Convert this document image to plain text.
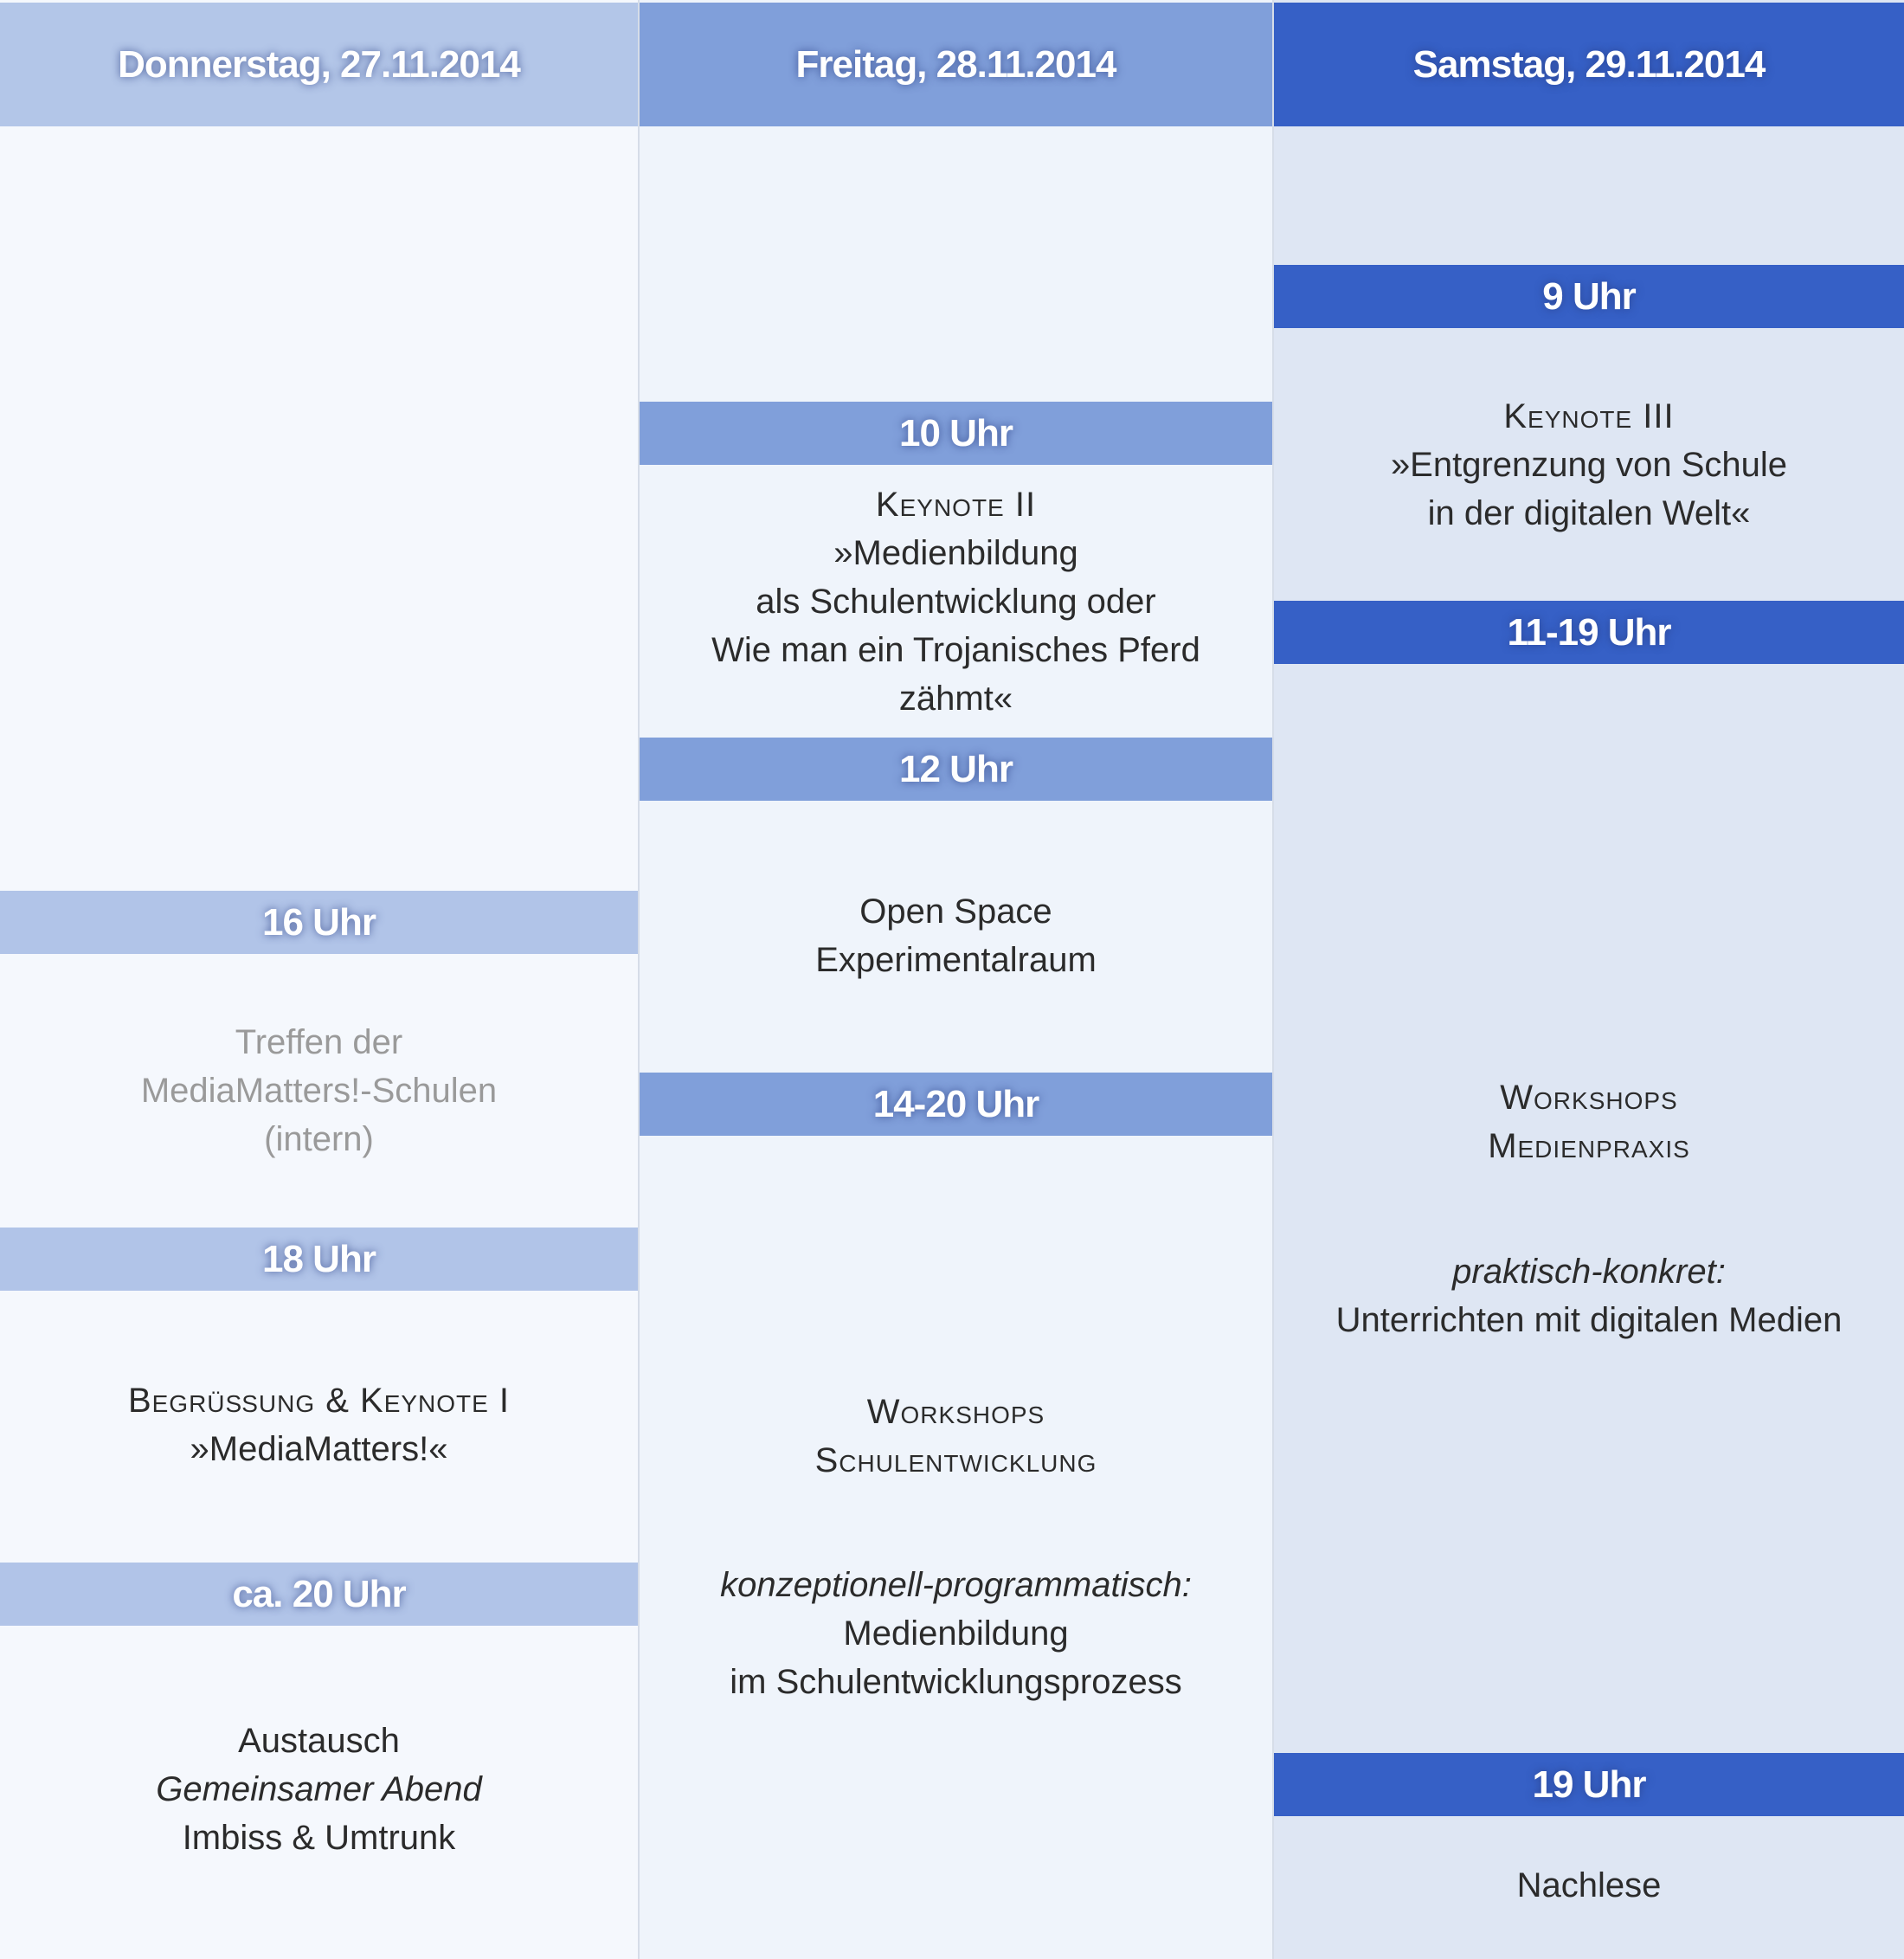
Donnerstag, 27.11.2014
16 Uhr
Treffen der
MediaMatters!-Schulen
(intern)
18 Uhr
Begrüßung & Keynote I
»MediaMatters!«
ca. 20 Uhr
Austausch
Gemeinsamer Abend
Imbiss & Umtrunk
Freitag, 28.11.2014
10 Uhr
Keynote II
»Medienbildung
als Schulentwicklung oder
Wie man ein Trojanisches Pferd
zähmt«
12 Uhr
Open Space
Experimentalraum
14-20 Uhr
Workshops
Schulentwicklung
konzeptionell-programmatisch:
Medienbildung
im Schulentwicklungsprozess
Samstag, 29.11.2014
9 Uhr
Keynote III
»Entgrenzung von Schule
in der digitalen Welt«
11-19 Uhr
Workshops
Medienpraxis
praktisch-konkret:
Unterrichten mit digitalen Medien
19 Uhr
Nachlese
